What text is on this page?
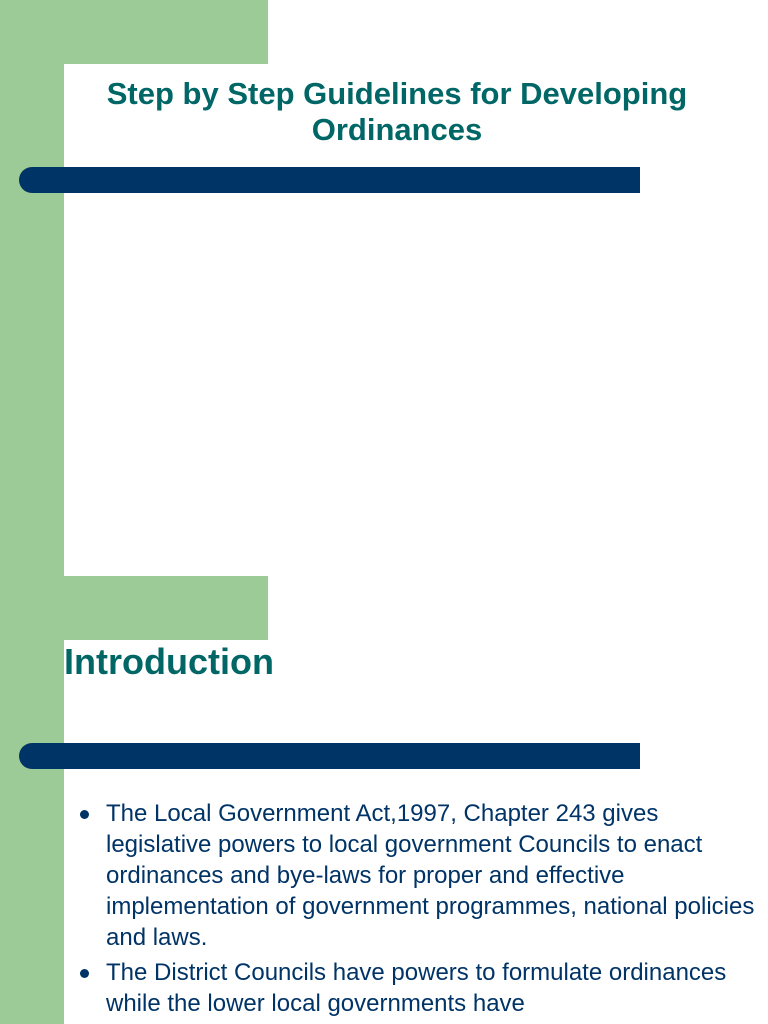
Step by Step Guidelines for Developing Ordinances
Introduction
The Local Government Act,1997, Chapter 243 gives legislative powers to local government Councils to enact ordinances and bye-laws for proper and effective implementation of government programmes, national policies and laws.
The District Councils have powers to formulate ordinances while the lower local governments have
